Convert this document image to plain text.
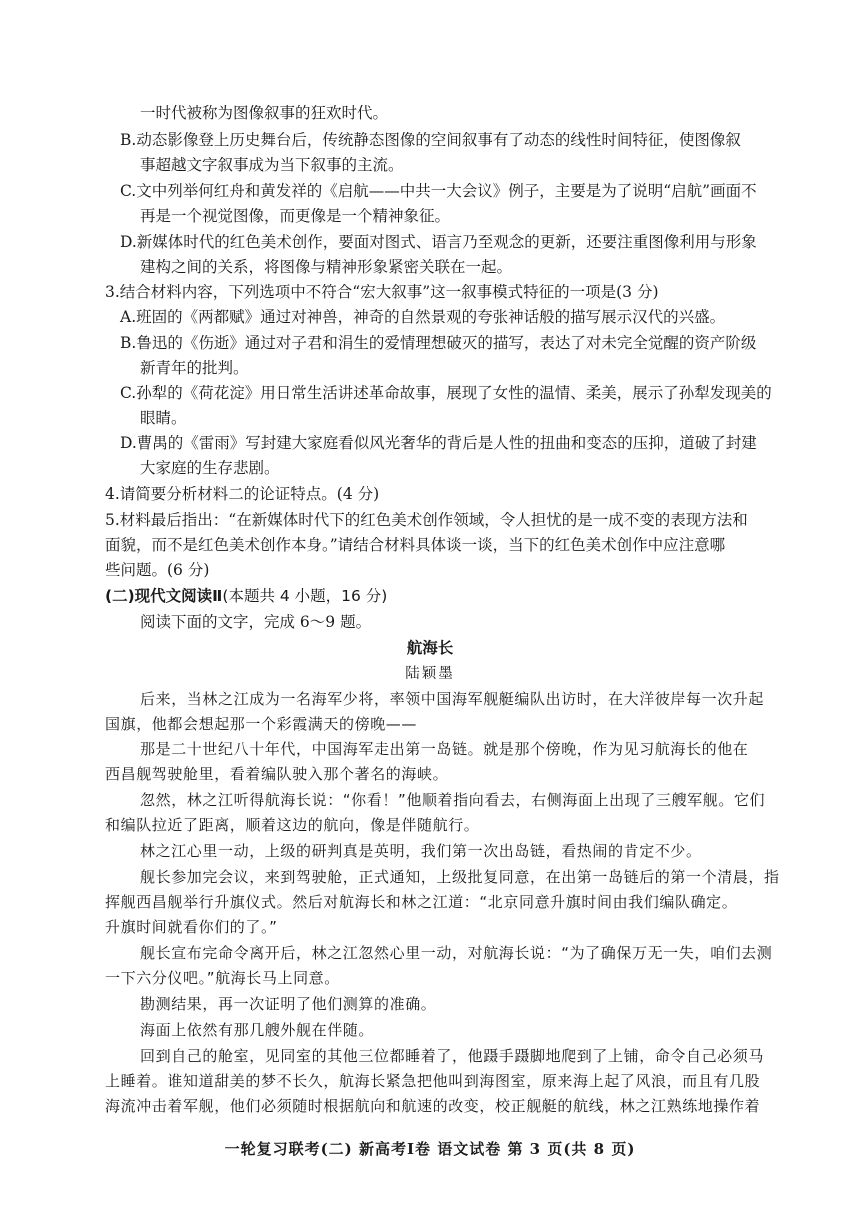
一时代被称为图像叙事的狂欢时代。
B.动态影像登上历史舞台后，传统静态图像的空间叙事有了动态的线性时间特征，使图像叙
事超越文字叙事成为当下叙事的主流。
C.文中列举何红舟和黄发祥的《启航——中共一大会议》例子，主要是为了说明“启航”画面不
再是一个视觉图像，而更像是一个精神象征。
D.新媒体时代的红色美术创作，要面对图式、语言乃至观念的更新，还要注重图像利用与形象
建构之间的关系，将图像与精神形象紧密关联在一起。
3.结合材料内容，下列选项中不符合“宏大叙事”这一叙事模式特征的一项是(3 分)
A.班固的《两都赋》通过对神兽，神奇的自然景观的夸张神话般的描写展示汉代的兴盛。
B.鲁迅的《伤逝》通过对子君和涓生的爱情理想破灭的描写，表达了对未完全觉醒的资产阶级
新青年的批判。
C.孙犁的《荷花淀》用日常生活讲述革命故事，展现了女性的温情、柔美，展示了孙犁发现美的
眼睛。
D.曹禺的《雷雨》写封建大家庭看似风光奢华的背后是人性的扭曲和变态的压抑，道破了封建
大家庭的生存悲剧。
4.请简要分析材料二的论证特点。(4 分)
5.材料最后指出：“在新媒体时代下的红色美术创作领域，令人担忧的是一成不变的表现方法和
面貌，而不是红色美术创作本身。”请结合材料具体谈一谈，当下的红色美术创作中应注意哪
些问题。(6 分)
(二)现代文阅读Ⅱ(本题共 4 小题，16 分)
阅读下面的文字，完成 6～9 题。
航海长
陆颖墨
后来，当林之江成为一名海军少将，率领中国海军舰艇编队出访时，在大洋彼岸每一次升起
国旗，他都会想起那一个彩霞满天的傍晚——
那是二十世纪八十年代，中国海军走出第一岛链。就是那个傍晚，作为见习航海长的他在
西昌舰驾驶舱里，看着编队驶入那个著名的海峡。
忽然，林之江听得航海长说：“你看！”他顺着指向看去，右侧海面上出现了三艘军舰。它们
和编队拉近了距离，顺着这边的航向，像是伴随航行。
林之江心里一动，上级的研判真是英明，我们第一次出岛链，看热闹的肯定不少。
舰长参加完会议，来到驾驶舱，正式通知，上级批复同意，在出第一岛链后的第一个清晨，指
挥舰西昌舰举行升旗仪式。然后对航海长和林之江道：“北京同意升旗时间由我们编队确定。
升旗时间就看你们的了。”
舰长宣布完命令离开后，林之江忽然心里一动，对航海长说：“为了确保万无一失，咱们去测
一下六分仪吧。”航海长马上同意。
勘测结果，再一次证明了他们测算的准确。
海面上依然有那几艘外舰在伴随。
回到自己的舱室，见同室的其他三位都睡着了，他蹑手蹑脚地爬到了上铺，命令自己必须马
上睡着。谁知道甜美的梦不长久，航海长紧急把他叫到海图室，原来海上起了风浪，而且有几股
海流冲击着军舰，他们必须随时根据航向和航速的改变，校正舰艇的航线，林之江熟练地操作着
一轮复习联考(二) 新高考Ⅰ卷 语文试卷 第 3 页(共 8 页)
